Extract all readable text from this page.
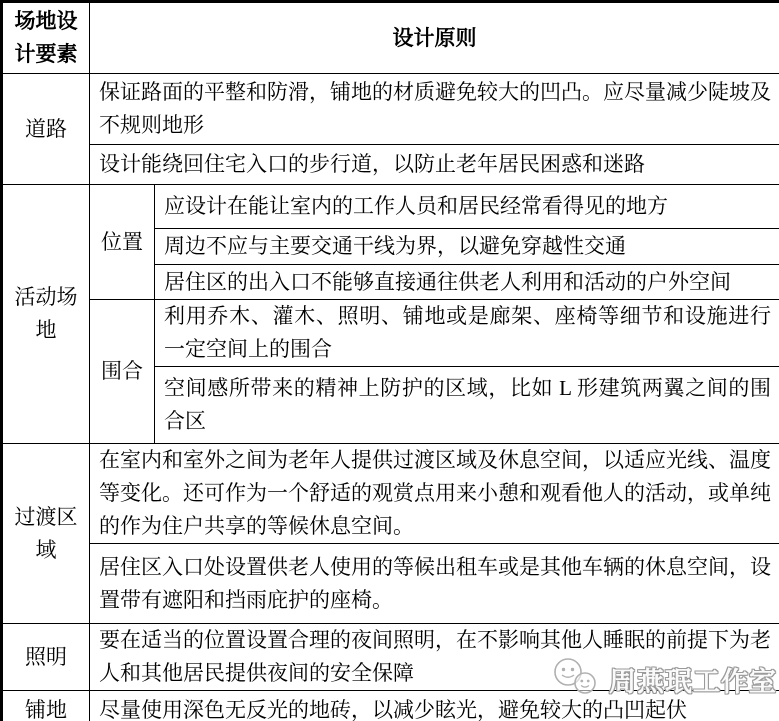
场地设计要素	设计原则	
道路	保证路面的平整和防滑，铺地的材质避免较大的凹凸。应尽量减少陡坡及不规则地形	
	设计能绕回住宅入口的步行道，以防止老年居民困惑和迷路	
活动场地	位置	应设计在能让室内的工作人员和居民经常看得见的地方
		周边不应与主要交通干线为界，以避免穿越性交通
		居住区的出入口不能够直接通往供老人利用和活动的户外空间
	围合	利用乔木、灌木、照明、铺地或是廊架、座椅等细节和设施进行一定空间上的围合
		空间感所带来的精神上防护的区域，比如 L 形建筑两翼之间的围合区
过渡区域	在室内和室外之间为老年人提供过渡区域及休息空间，以适应光线、温度等变化。还可作为一个舒适的观赏点用来小憩和观看他人的活动，或单纯的作为住户共享的等候休息空间。	
	居住区入口处设置供老人使用的等候出租车或是其他车辆的休息空间，设置带有遮阳和挡雨庇护的座椅。	
照明	要在适当的位置设置合理的夜间照明，在不影响其他人睡眠的前提下为老人和其他居民提供夜间的安全保障	
铺地	尽量使用深色无反光的地砖，以减少眩光，避免较大的凸凹起伏	
周燕珉工作室
